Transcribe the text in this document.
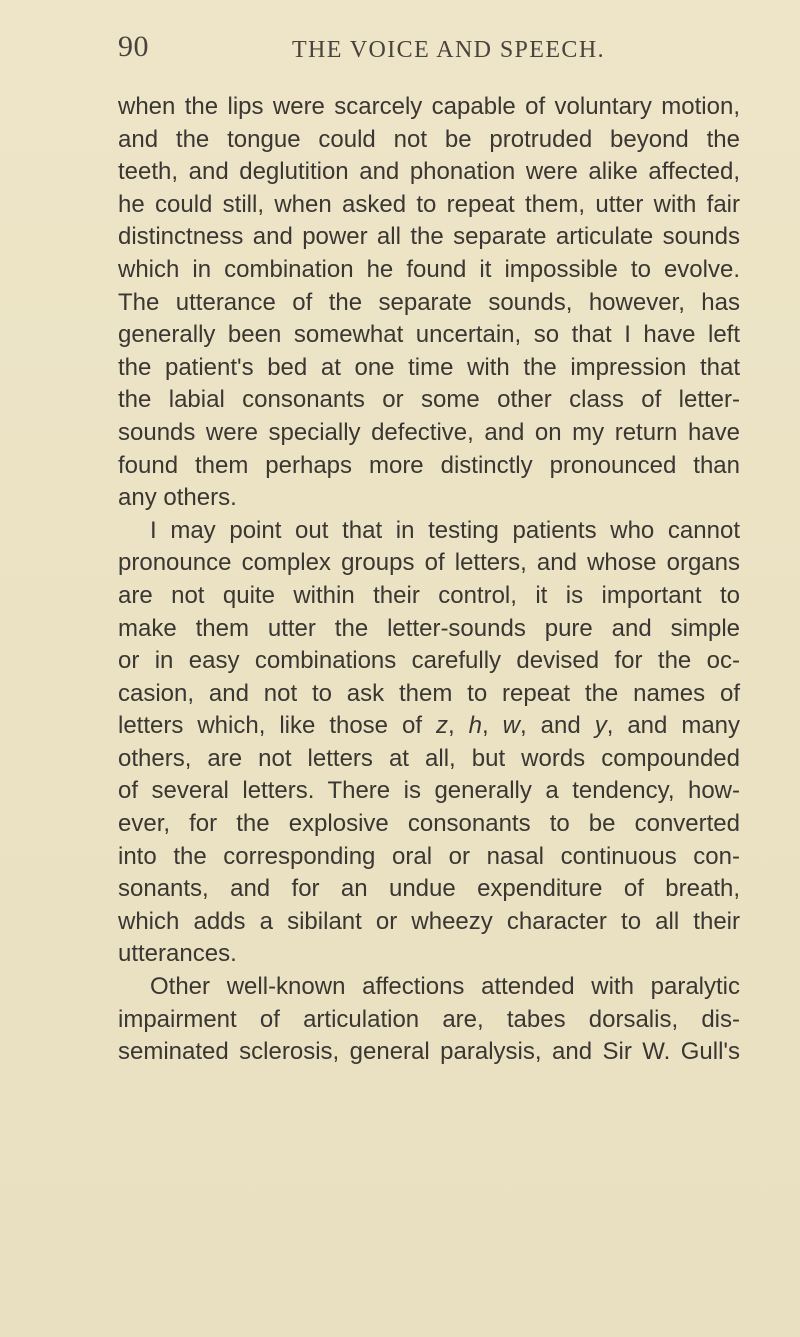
90	THE VOICE AND SPEECH.
when the lips were scarcely capable of voluntary motion,
and the tongue could not be protruded beyond the
teeth, and deglutition and phonation were alike affected,
he could still, when asked to repeat them, utter with fair
distinctness and power all the separate articulate sounds
which in combination he found it impossible to evolve.
The utterance of the separate sounds, however, has
generally been somewhat uncertain, so that I have left
the patient's bed at one time with the impression that
the labial consonants or some other class of letter-
sounds were specially defective, and on my return have
found them perhaps more distinctly pronounced than
any others.
I may point out that in testing patients who cannot
pronounce complex groups of letters, and whose organs
are not quite within their control, it is important to
make them utter the letter-sounds pure and simple
or in easy combinations carefully devised for the oc-
casion, and not to ask them to repeat the names of
letters which, like those of z, h, w, and y, and many
others, are not letters at all, but words compounded
of several letters. There is generally a tendency, how-
ever, for the explosive consonants to be converted
into the corresponding oral or nasal continuous con-
sonants, and for an undue expenditure of breath,
which adds a sibilant or wheezy character to all their
utterances.
Other well-known affections attended with paralytic
impairment of articulation are, tabes dorsalis, dis-
seminated sclerosis, general paralysis, and Sir W. Gull's
